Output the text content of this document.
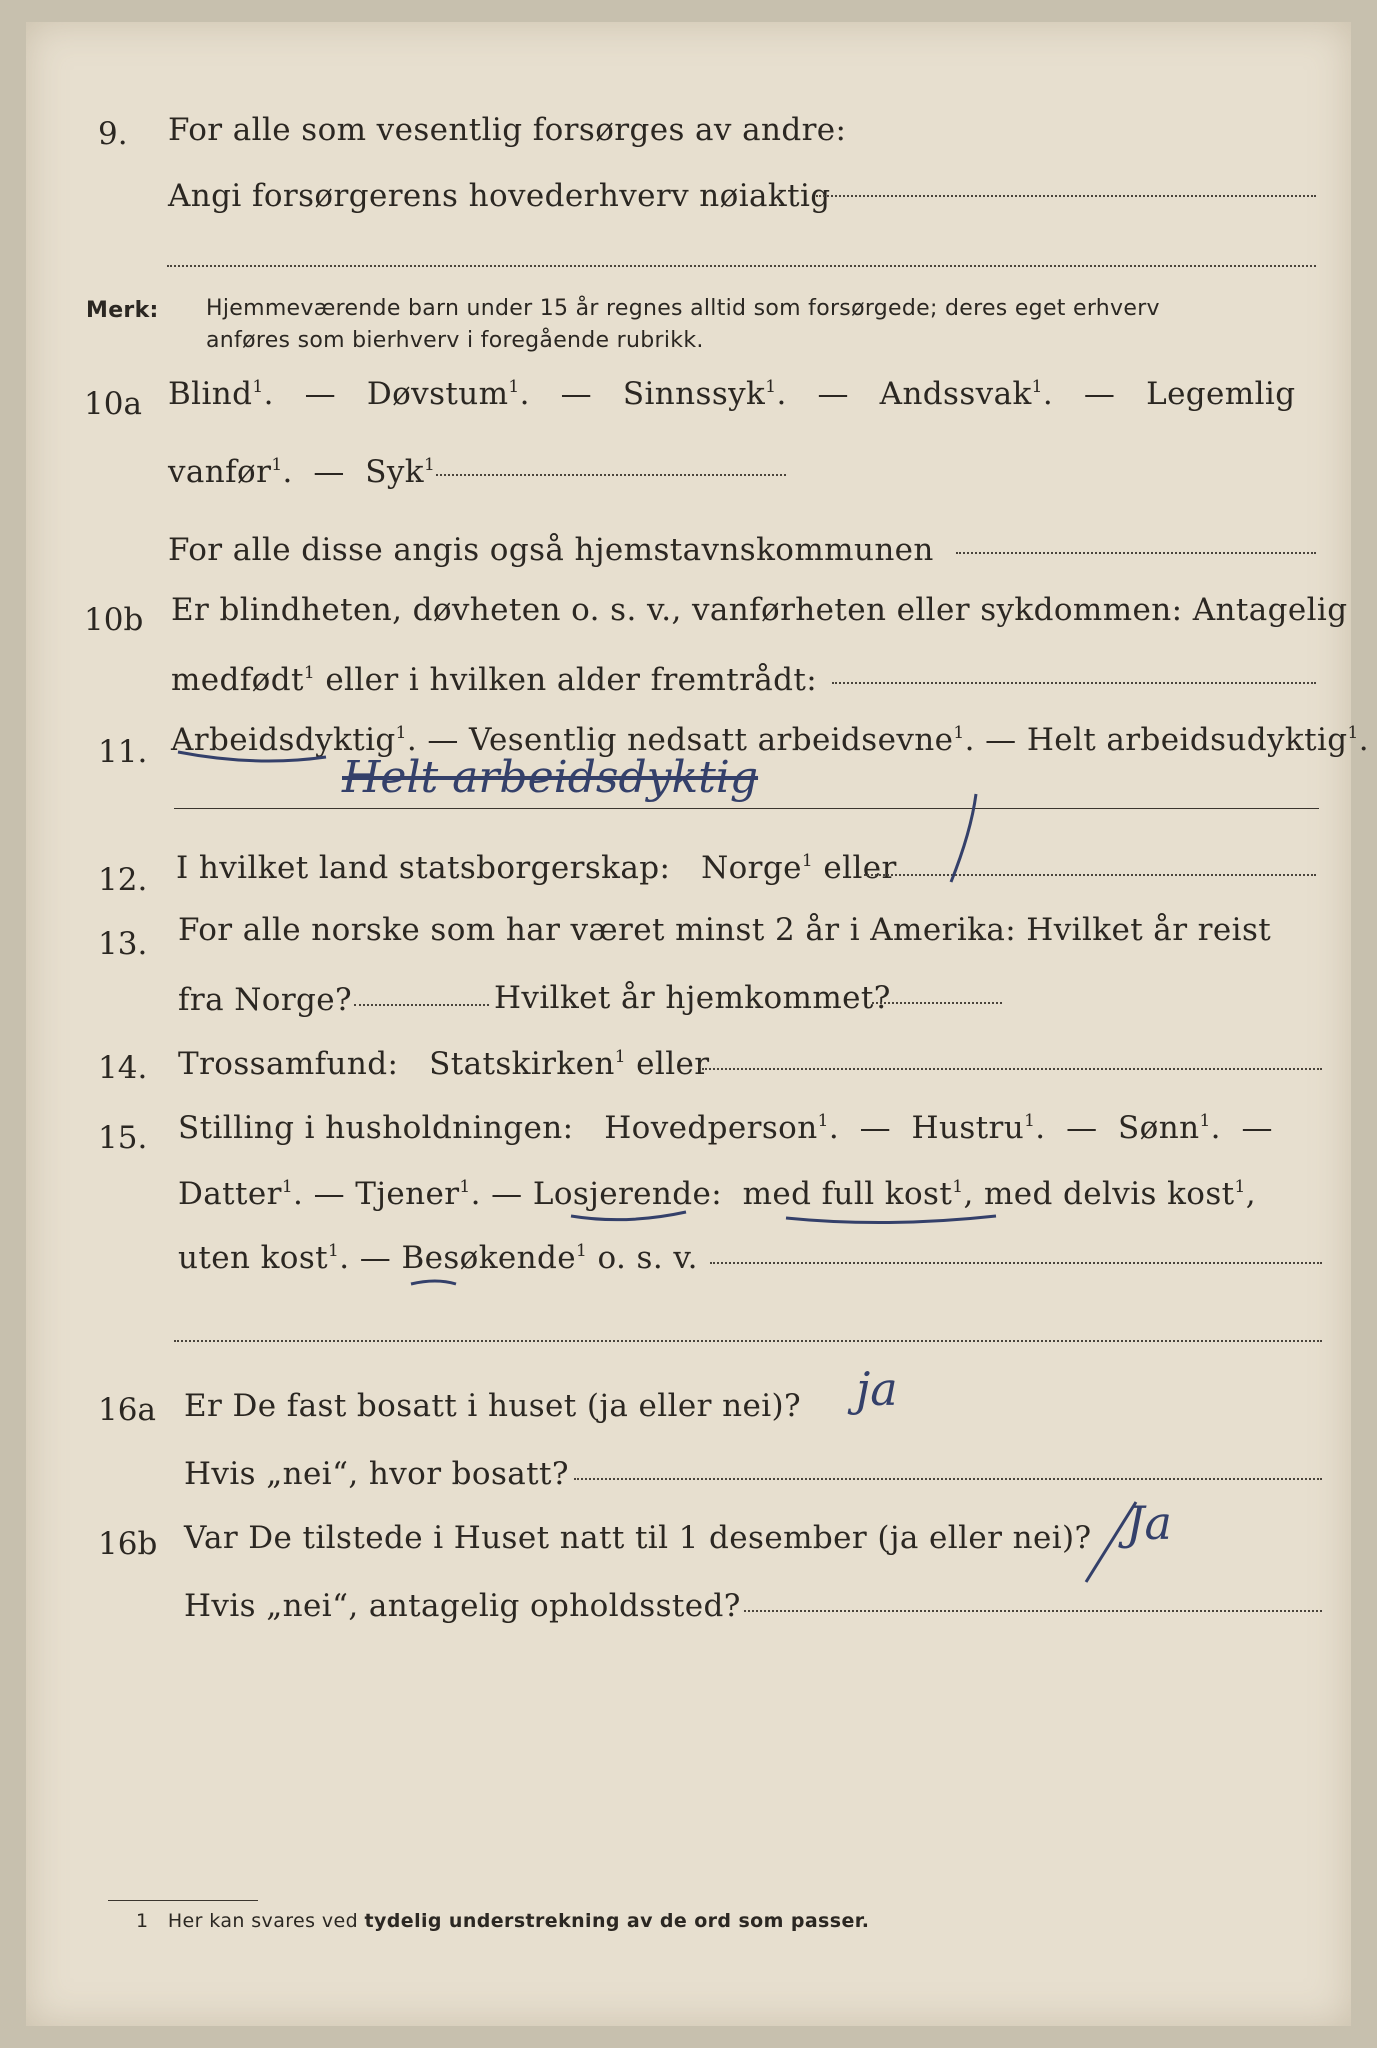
9. For alle som vesentlig forsørges av andre:
Angi forsørgerens hovederhverv nøiaktig
Merk: Hjemmeværende barn under 15 år regnes alltid som forsørgede; deres eget erhverv
anføres som bierhverv i foregående rubrikk.
10a Blind$^1$. — Døvstum$^1$. — Sinnssyk$^1$. — Andssvak$^1$. — Legemlig
vanfør$^1$. — Syk$^1$
For alle disse angis også hjemstavnskommunen
10b Er blindheten, døvheten o. s. v., vanførheten eller sykdommen: Antagelig
medfødt$^1$ eller i hvilken alder fremtrådt:
11. Arbeidsdyktig$^1$. — Vesentlig nedsatt arbeidsevne$^1$. — Helt arbeidsudyktig$^1$.
Helt arbeidsdyktig
12. I hvilket land statsborgerskap: Norge$^1$ eller
13. For alle norske som har været minst 2 år i Amerika: Hvilket år reist
fra Norge?	Hvilket år hjemkommet?
14. Trossamfund: Statskirken$^1$ eller
15. Stilling i husholdningen: Hovedperson$^1$. — Hustru$^1$. — Sønn$^1$. —
Datter$^1$. — Tjener$^1$. — Losjerende: med full kost$^1$, med delvis kost$^1$,
uten kost$^1$. — Besøkende$^1$ o. s. v.
16a Er De fast bosatt i huset (ja eller nei)? ja
Hvis „nei“, hvor bosatt?
16b Var De tilstede i Huset natt til 1 desember (ja eller nei)? Ja
Hvis „nei“, antagelig opholdssted?
1 Her kan svares ved tydelig understrekning av de ord som passer.
